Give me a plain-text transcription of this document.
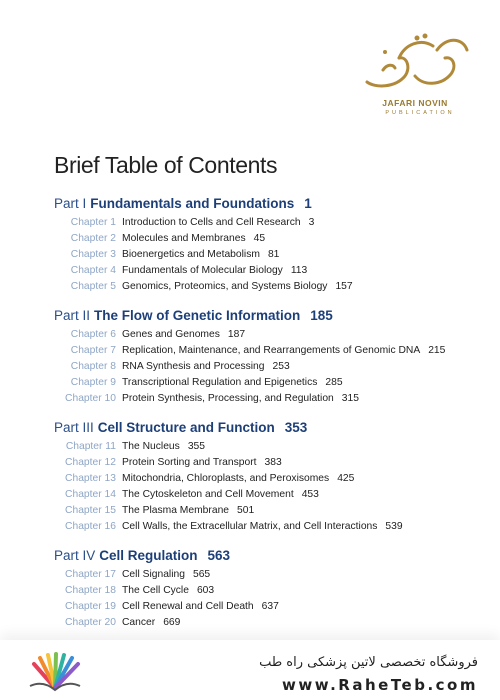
JAFARI NOVIN
PUBLICATION
Brief Table of Contents
Part I Fundamentals and Foundations 1
Chapter 1 Introduction to Cells and Cell Research 3
Chapter 2 Molecules and Membranes 45
Chapter 3 Bioenergetics and Metabolism 81
Chapter 4 Fundamentals of Molecular Biology 113
Chapter 5 Genomics, Proteomics, and Systems Biology 157
Part II The Flow of Genetic Information 185
Chapter 6 Genes and Genomes 187
Chapter 7 Replication, Maintenance, and Rearrangements of Genomic DNA 215
Chapter 8 RNA Synthesis and Processing 253
Chapter 9 Transcriptional Regulation and Epigenetics 285
Chapter 10 Protein Synthesis, Processing, and Regulation 315
Part III Cell Structure and Function 353
Chapter 11 The Nucleus 355
Chapter 12 Protein Sorting and Transport 383
Chapter 13 Mitochondria, Chloroplasts, and Peroxisomes 425
Chapter 14 The Cytoskeleton and Cell Movement 453
Chapter 15 The Plasma Membrane 501
Chapter 16 Cell Walls, the Extracellular Matrix, and Cell Interactions 539
Part IV Cell Regulation 563
Chapter 17 Cell Signaling 565
Chapter 18 The Cell Cycle 603
Chapter 19 Cell Renewal and Cell Death 637
Chapter 20 Cancer 669
فروشگاه تخصصی لاتین پزشکی راه طب
www.RaheTeb.com
